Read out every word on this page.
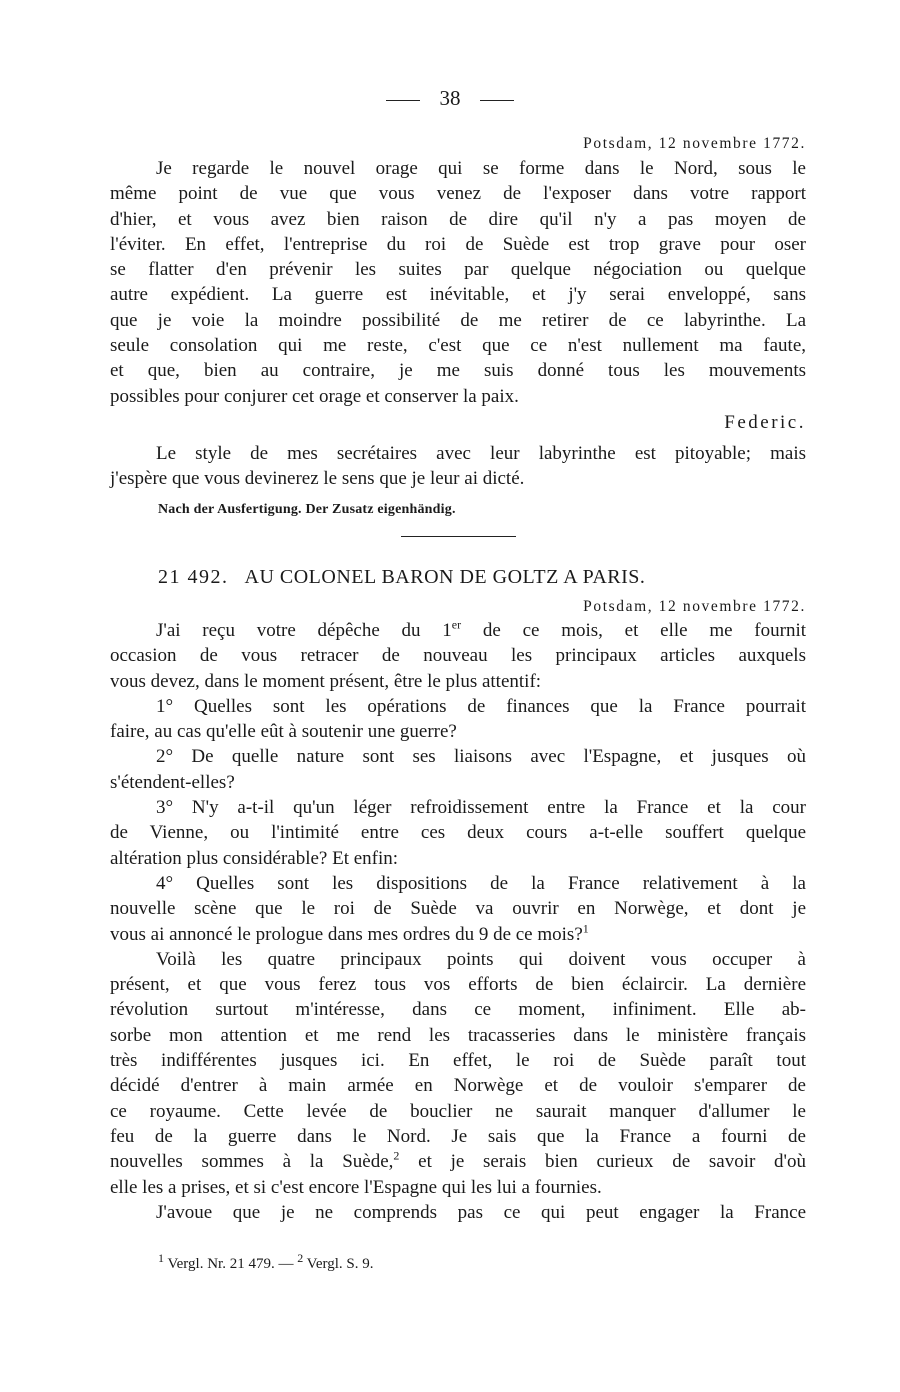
38
Potsdam, 12 novembre 1772.
Je regarde le nouvel orage qui se forme dans le Nord, sous le
même point de vue que vous venez de l'exposer dans votre rapport
d'hier, et vous avez bien raison de dire qu'il n'y a pas moyen de
l'éviter. En effet, l'entreprise du roi de Suède est trop grave pour oser
se flatter d'en prévenir les suites par quelque négociation ou quelque
autre expédient. La guerre est inévitable, et j'y serai enveloppé, sans
que je voie la moindre possibilité de me retirer de ce labyrinthe. La
seule consolation qui me reste, c'est que ce n'est nullement ma faute,
et que, bien au contraire, je me suis donné tous les mouvements
possibles pour conjurer cet orage et conserver la paix.
Federic.
Le style de mes secrétaires avec leur labyrinthe est pitoyable; mais
j'espère que vous devinerez le sens que je leur ai dicté.
Nach der Ausfertigung. Der Zusatz eigenhändig.
21 492. AU COLONEL BARON DE GOLTZ A PARIS.
Potsdam, 12 novembre 1772.
J'ai reçu votre dépêche du 1er de ce mois, et elle me fournit
occasion de vous retracer de nouveau les principaux articles auxquels
vous devez, dans le moment présent, être le plus attentif:
1° Quelles sont les opérations de finances que la France pourrait
faire, au cas qu'elle eût à soutenir une guerre?
2° De quelle nature sont ses liaisons avec l'Espagne, et jusques où
s'étendent-elles?
3° N'y a-t-il qu'un léger refroidissement entre la France et la cour
de Vienne, ou l'intimité entre ces deux cours a-t-elle souffert quelque
altération plus considérable? Et enfin:
4° Quelles sont les dispositions de la France relativement à la
nouvelle scène que le roi de Suède va ouvrir en Norwège, et dont je
vous ai annoncé le prologue dans mes ordres du 9 de ce mois?$^1$
Voilà les quatre principaux points qui doivent vous occuper à
présent, et que vous ferez tous vos efforts de bien éclaircir. La dernière
révolution surtout m'intéresse, dans ce moment, infiniment. Elle ab-
sorbe mon attention et me rend les tracasseries dans le ministère français
très indifférentes jusques ici. En effet, le roi de Suède paraît tout
décidé d'entrer à main armée en Norwège et de vouloir s'emparer de
ce royaume. Cette levée de bouclier ne saurait manquer d'allumer le
feu de la guerre dans le Nord. Je sais que la France a fourni de
nouvelles sommes à la Suède,$^2$ et je serais bien curieux de savoir d'où
elle les a prises, et si c'est encore l'Espagne qui les lui a fournies.
J'avoue que je ne comprends pas ce qui peut engager la France
$^1$ Vergl. Nr. 21 479. — $^2$ Vergl. S. 9.
